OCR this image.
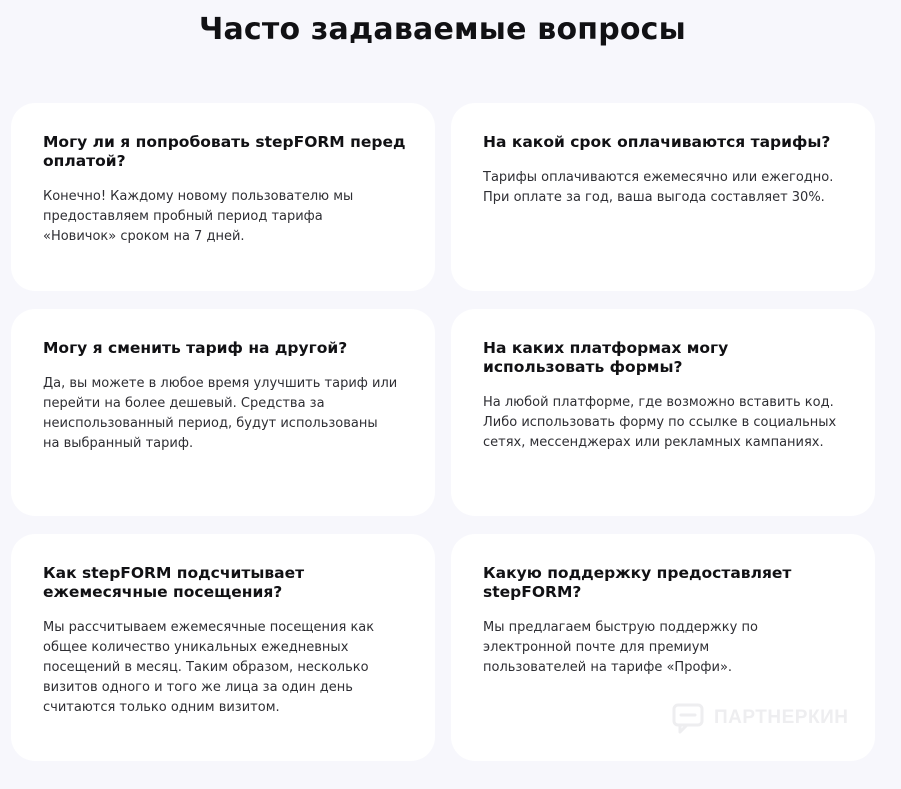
Часто задаваемые вопросы
Могу ли я попробовать stepFORM перед оплатой?
Конечно! Каждому новому пользователю мы предоставляем пробный период тарифа «Новичок» сроком на 7 дней.
На какой срок оплачиваются тарифы?
Тарифы оплачиваются ежемесячно или ежегодно. При оплате за год, ваша выгода составляет 30%.
Могу я сменить тариф на другой?
Да, вы можете в любое время улучшить тариф или перейти на более дешевый. Средства за неиспользованный период, будут использованы на выбранный тариф.
На каких платформах могу использовать формы?
На любой платформе, где возможно вставить код. Либо использовать форму по ссылке в социальных сетях, мессенджерах или рекламных кампаниях.
Как stepFORM подсчитывает ежемесячные посещения?
Мы рассчитываем ежемесячные посещения как общее количество уникальных ежедневных посещений в месяц. Таким образом, несколько визитов одного и того же лица за один день считаются только одним визитом.
Какую поддержку предоставляет stepFORM?
Мы предлагаем быструю поддержку по электронной почте для премиум пользователей на тарифе «Профи».
ПАРТНЕРКИН
